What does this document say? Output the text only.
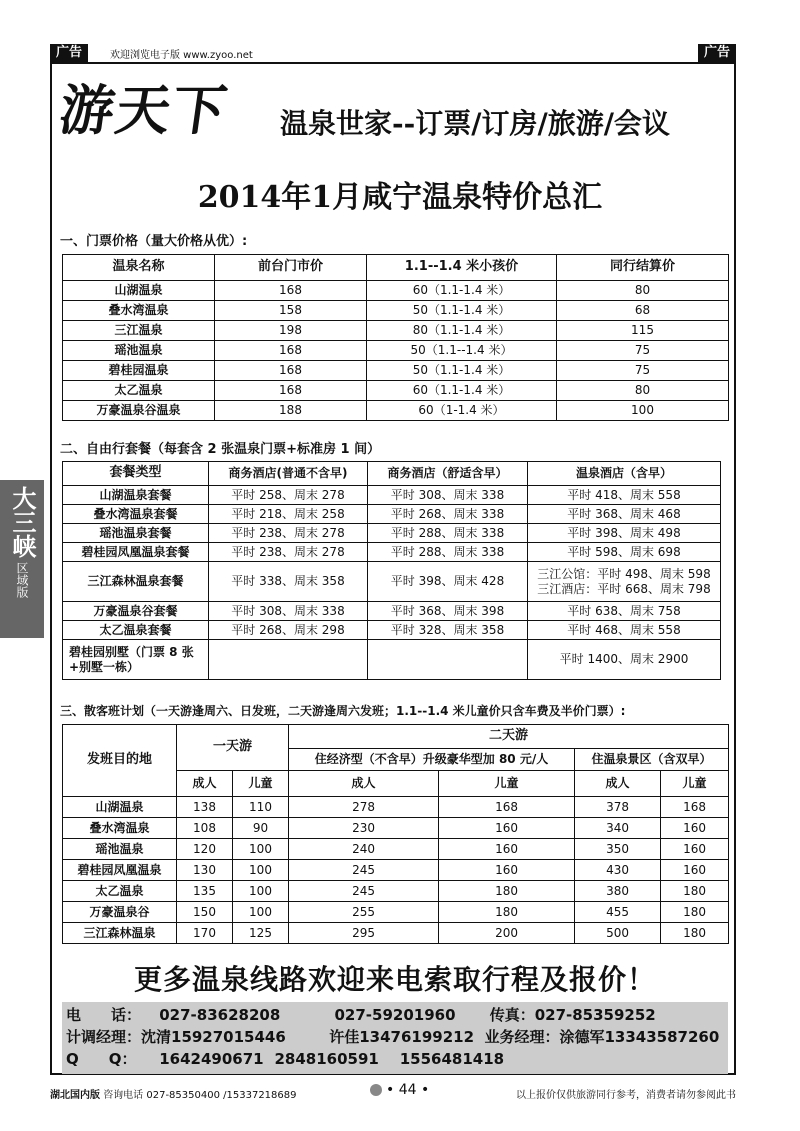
广告	欢迎浏览电子版 www.zyoo.net	广告
游天下 温泉世家--订票/订房/旅游/会议
2014年1月咸宁温泉特价总汇
一、门票价格（量大价格从优）:
温泉名称	前台门市价	1.1--1.4 米小孩价	同行结算价
山湖温泉	168	60（1.1-1.4 米）	80
叠水湾温泉	158	50（1.1-1.4 米）	68
三江温泉	198	80（1.1-1.4 米）	115
瑶池温泉	168	50（1.1--1.4 米）	75
碧桂园温泉	168	50（1.1-1.4 米）	75
太乙温泉	168	60（1.1-1.4 米）	80
万豪温泉谷温泉	188	60（1-1.4 米）	100
二、自由行套餐（每套含 2 张温泉门票+标准房 1 间）
套餐类型	商务酒店(普通不含早)	商务酒店（舒适含早）	温泉酒店（含早）
山湖温泉套餐	平时 258、周末 278	平时 308、周末 338	平时 418、周末 558
叠水湾温泉套餐	平时 218、周末 258	平时 268、周末 338	平时 368、周末 468
瑶池温泉套餐	平时 238、周末 278	平时 288、周末 338	平时 398、周末 498
碧桂园凤凰温泉套餐	平时 238、周末 278	平时 288、周末 338	平时 598、周末 698
三江森林温泉套餐	平时 338、周末 358	平时 398、周末 428	三江公馆：平时 498、周末 598
三江酒店：平时 668、周末 798

万豪温泉谷套餐	平时 308、周末 338	平时 368、周末 398	平时 638、周末 758
太乙温泉套餐	平时 268、周末 298	平时 328、周末 358	平时 468、周末 558
碧桂园别墅（门票 8 张+别墅一栋）			平时 1400、周末 2900
三、散客班计划（一天游逢周六、日发班，二天游逢周六发班；1.1--1.4 米儿童价只含车费及半价门票）:
发班目的地	一天游		二天游			
			住经济型（不含早）升级豪华型加 80 元/人		住温泉景区（含双早）	
	成人	儿童	成人	儿童	成人	儿童
山湖温泉	138	110	278	168	378	168
叠水湾温泉	108	90	230	160	340	160
瑶池温泉	120	100	240	160	350	160
碧桂园凤凰温泉	130	100	245	160	430	160
太乙温泉	135	100	245	180	380	180
万豪温泉谷	150	100	255	180	455	180
三江森林温泉	170	125	295	200	500	180
大三峡
区域版
更多温泉线路欢迎来电索取行程及报价！
电　　话： 027-83628208	027-59201960 传真：027-85359252
计调经理：沈清15927015446	许佳13476199212 业务经理：涂德军13343587260
Q　　Q： 1642490671 2848160591 1556481418
湖北国内版 咨询电话 027-85350400 /15337218689	• 44 •	以上报价仅供旅游同行参考，消费者请勿参阅此书
